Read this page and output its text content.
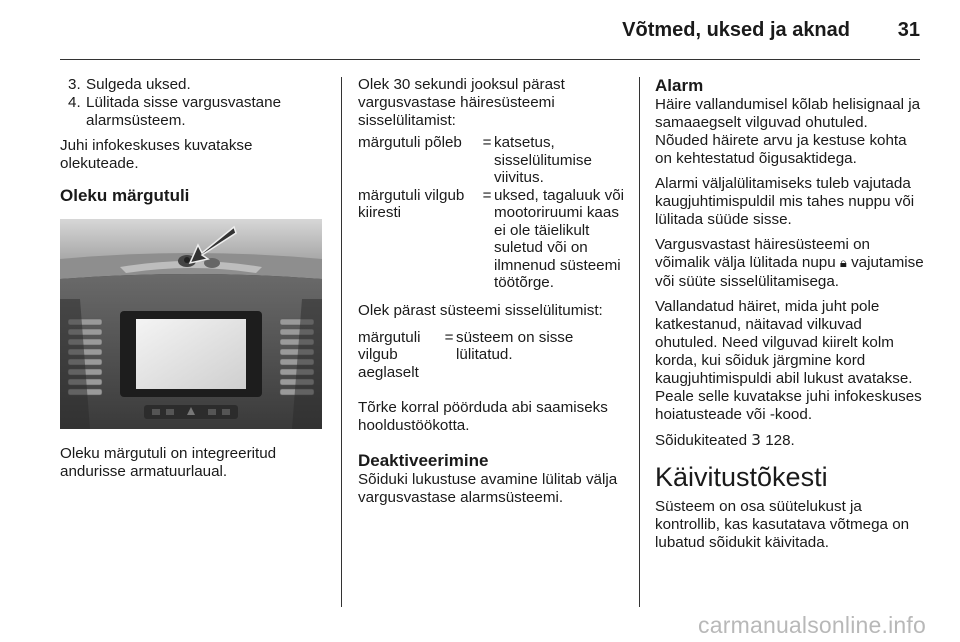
Võtmed, uksed ja aknad 31
3. Sulgeda uksed.
4. Lülitada sisse vargusvastane alarmsüsteem.

Juhi infokeskuses kuvatakse olekuteade.

Oleku märgutuli

Oleku märgutuli on integreeritud andurisse armatuurlaual.

Olek 30 sekundi jooksul pärast vargusvastase häiresüsteemi sisselülitamist:

märgutuli põleb	=	katsetus, sisselülitumise viivitus.
märgutuli vilgub kiiresti	=	uksed, tagaluuk või mootoriruumi kaas ei ole täielikult suletud või on ilmnenud süsteemi töötõrge.

Olek pärast süsteemi sisselülitumist:

märgutuli vilgub aeglaselt	=	süsteem on sisse lülitatud.

Tõrke korral pöörduda abi saamiseks hooldustöökotta.

Deaktiveerimine

Sõiduki lukustuse avamine lülitab välja vargusvastase alarmsüsteemi.

Alarm

Häire vallandumisel kõlab helisignaal ja samaaegselt vilguvad ohutuled. Nõuded häirete arvu ja kestuse kohta on kehtestatud õigusaktidega.

Alarmi väljalülitamiseks tuleb vajutada kaugjuhtimispuldil mis tahes nuppu või lülitada süüde sisse.

Vargusvastast häiresüsteemi on võimalik välja lülitada nupu 🔒︎ vajutamise või süüte sisselülitamisega.

Vallandatud häiret, mida juht pole katkestanud, näitavad vilkuvad ohutuled. Need vilguvad kiirelt kolm korda, kui sõiduk järgmine kord kaugjuhtimispuldi abil lukust avatakse. Peale selle kuvatakse juhi infokeskuses hoiatusteade või -kood.

Sõidukiteated 3 128.

Käivitustõkesti

Süsteem on osa süütelukust ja kontrollib, kas kasutatava võtmega on lubatud sõidukit käivitada.

carmanualsonline.info
